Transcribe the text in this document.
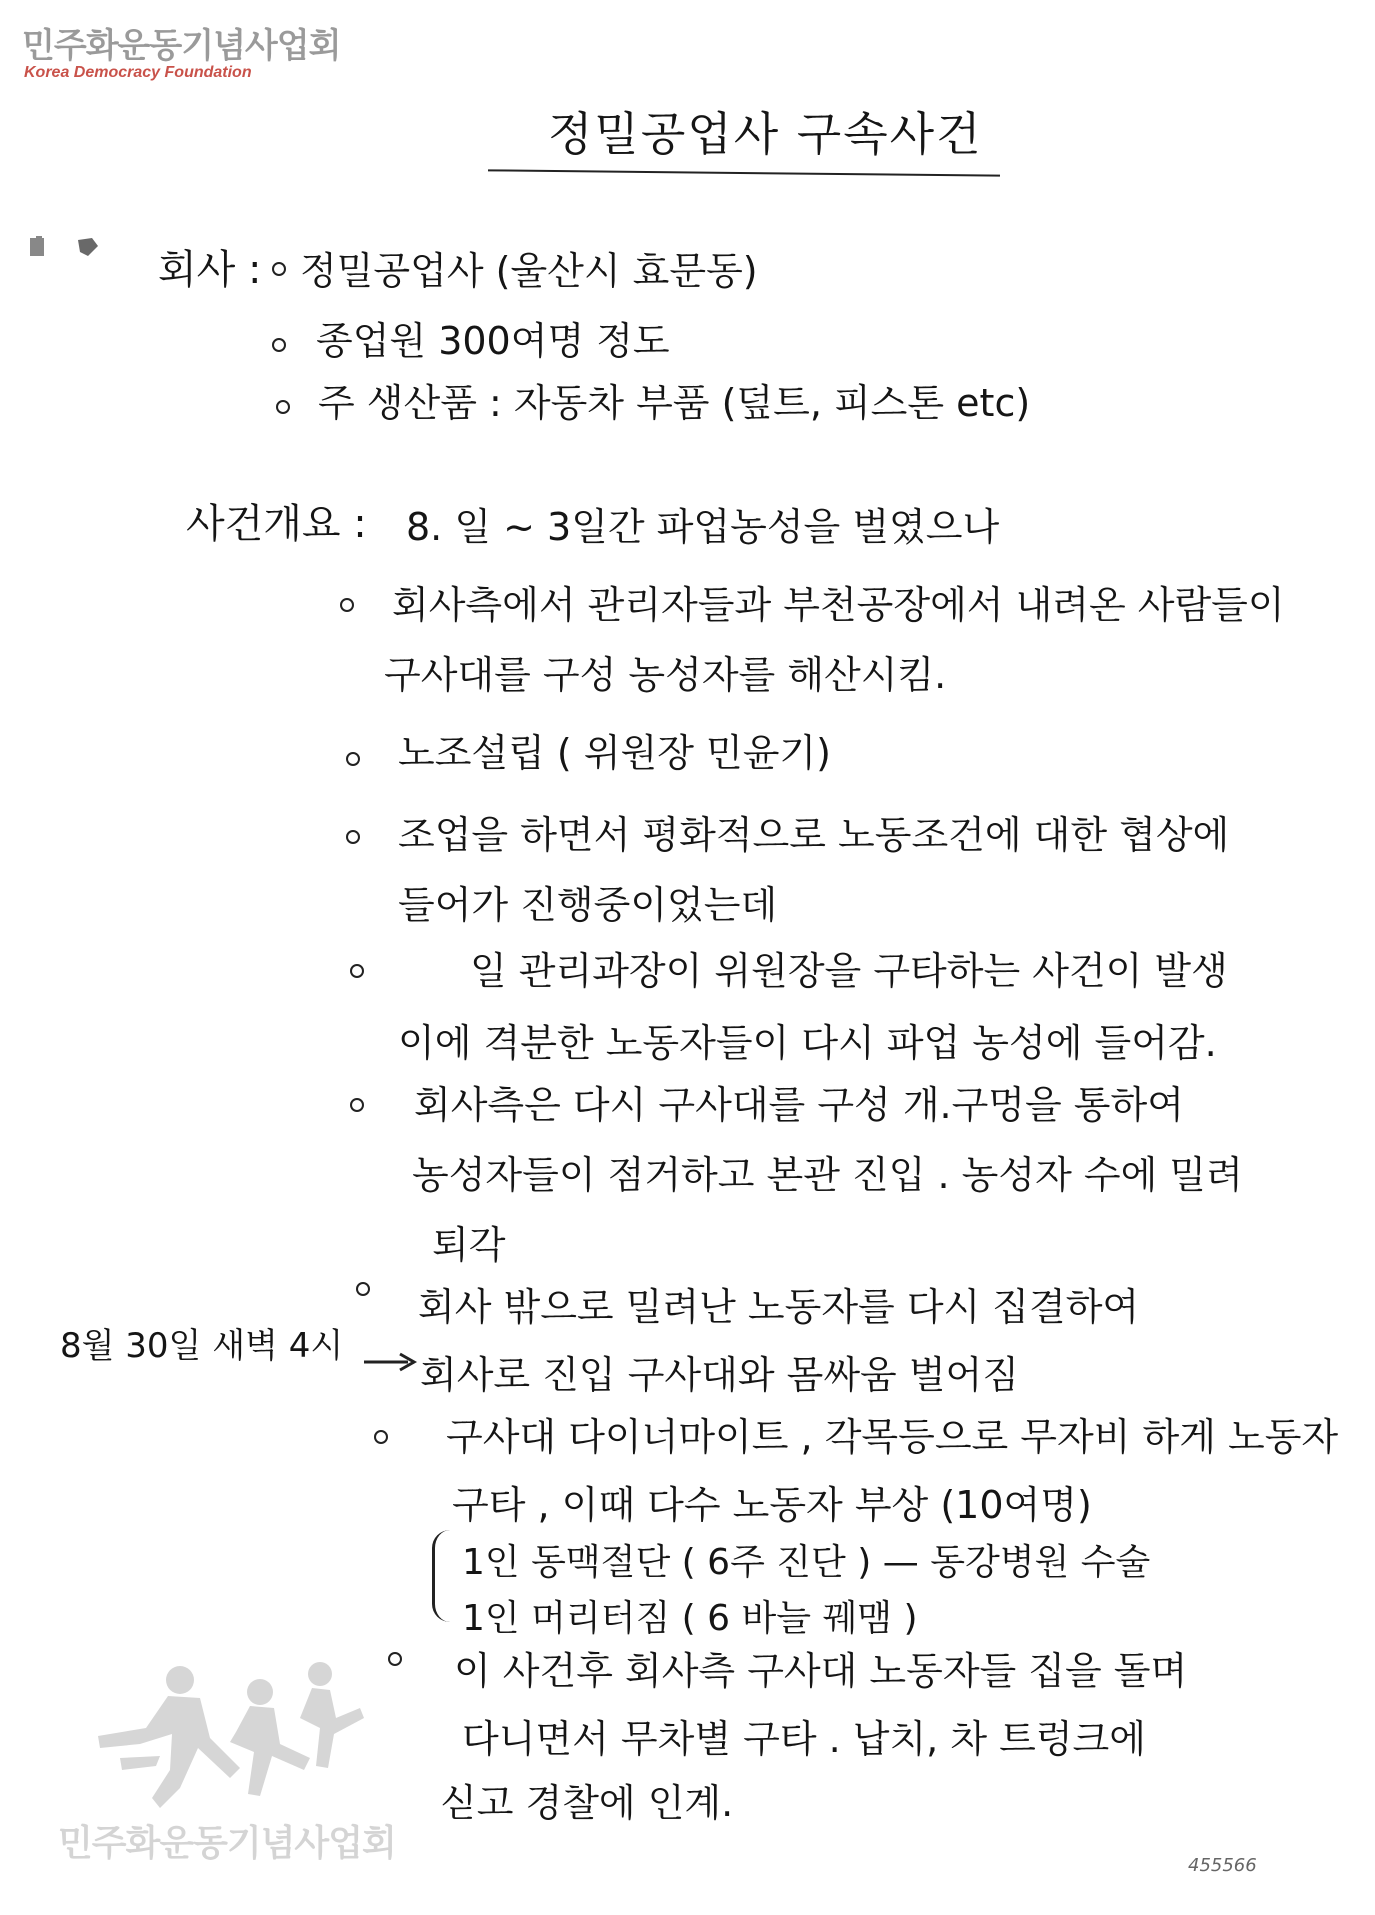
민주화운동기념사업회
Korea Democracy Foundation
정밀공업사 구속사건
회사 : 정밀공업사 (울산시 효문동)
종업원 300여명 정도
주 생산품 : 자동차 부품 (덮트, 피스톤 etc)
사건개요 : 8. 일 ~ 3일간 파업농성을 벌였으나
회사측에서 관리자들과 부천공장에서 내려온 사람들이
구사대를 구성 농성자를 해산시킴.
노조설립 ( 위원장 민윤기)
조업을 하면서 평화적으로 노동조건에 대한 협상에
들어가 진행중이었는데
일 관리과장이 위원장을 구타하는 사건이 발생
이에 격분한 노동자들이 다시 파업 농성에 들어감.
회사측은 다시 구사대를 구성 개.구멍을 통하여
농성자들이 점거하고 본관 진입 . 농성자 수에 밀려
퇴각
회사 밖으로 밀려난 노동자를 다시 집결하여
8월 30일 새벽 4시
회사로 진입 구사대와 몸싸움 벌어짐
구사대 다이너마이트 , 각목등으로 무자비 하게 노동자
구타 , 이때 다수 노동자 부상 (10여명)
1인 동맥절단 ( 6주 진단 ) — 동강병원 수술
1인 머리터짐 ( 6 바늘 꿰맴 )
이 사건후 회사측 구사대 노동자들 집을 돌며
다니면서 무차별 구타 . 납치, 차 트렁크에
싣고 경찰에 인계.
민주화운동기념사업회
455566
